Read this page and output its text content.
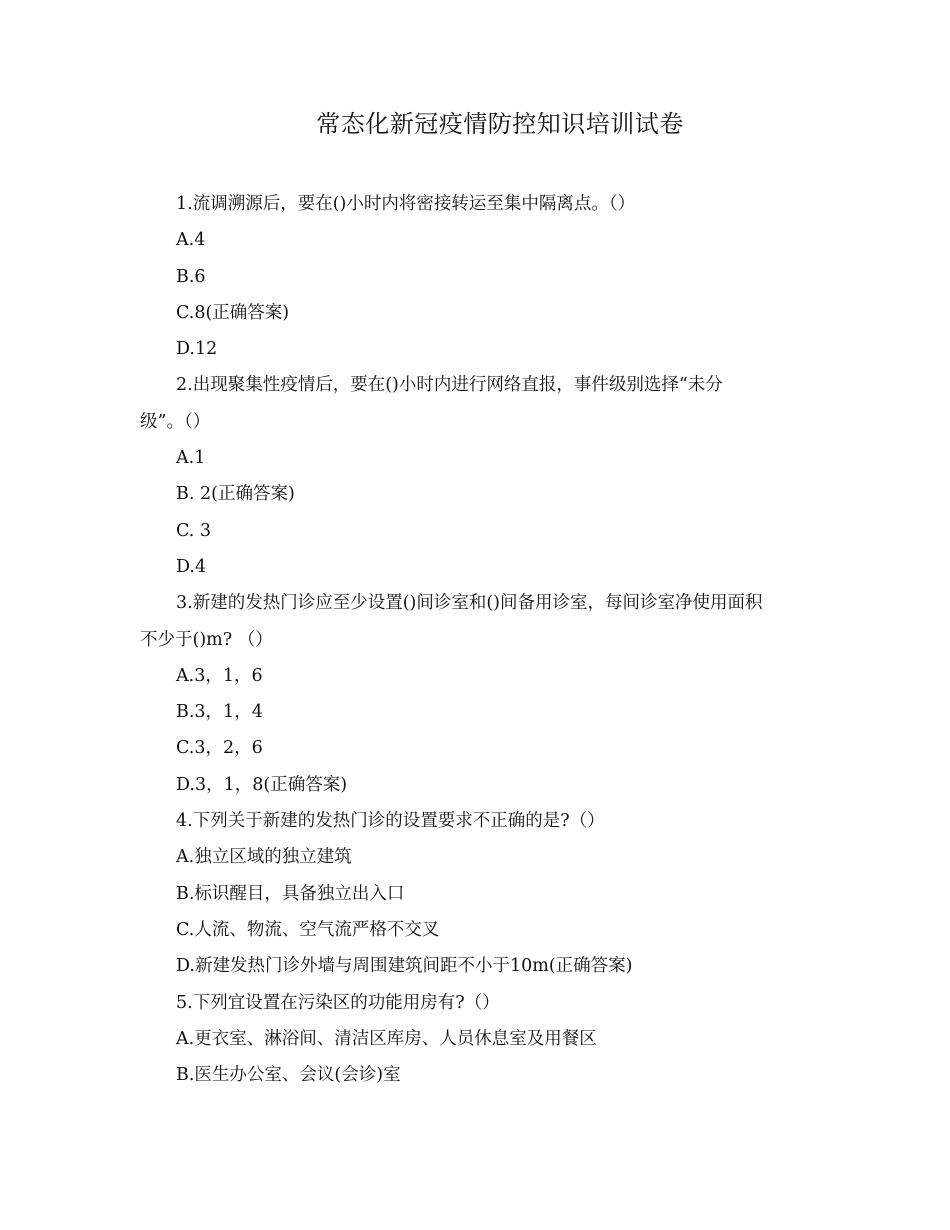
常态化新冠疫情防控知识培训试卷
1.流调溯源后，要在()小时内将密接转运至集中隔离点。（）
A.4
B.6
C.8(正确答案)
D.12
2.出现聚集性疫情后，要在()小时内进行网络直报，事件级别选择“未分
级”。（）
A.1
B. 2(正确答案)
C. 3
D.4
3.新建的发热门诊应至少设置()间诊室和()间备用诊室，每间诊室净使用面积
不少于()m? （）
A.3，1，6
B.3，1，4
C.3，2，6
D.3，1，8(正确答案)
4.下列关于新建的发热门诊的设置要求不正确的是?（）
A.独立区域的独立建筑
B.标识醒目，具备独立出入口
C.人流、物流、空气流严格不交叉
D.新建发热门诊外墙与周围建筑间距不小于10m(正确答案)
5.下列宜设置在污染区的功能用房有?（）
A.更衣室、淋浴间、清洁区库房、人员休息室及用餐区
B.医生办公室、会议(会诊)室
